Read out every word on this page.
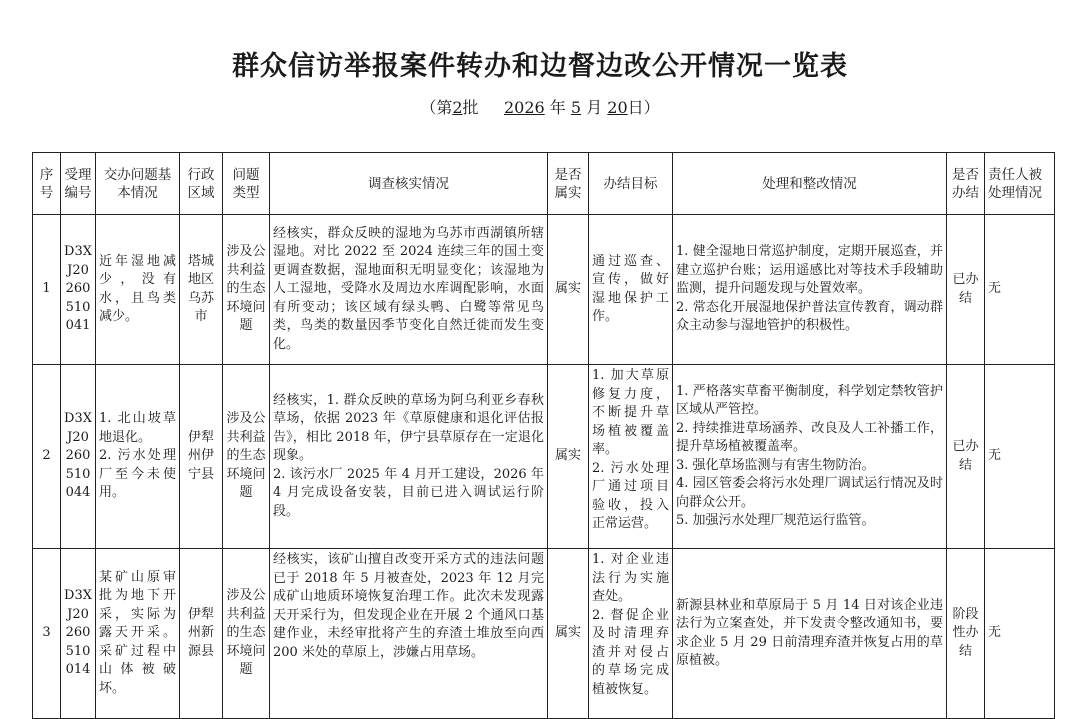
群众信访举报案件转办和边督边改公开情况一览表
（第2批 2026 年 5 月 20日）
序号	受理编号	交办问题基本情况	行政区域	问题类型	调查核实情况	是否属实	办结目标	处理和整改情况	是否办结	责任人被处理情况
1	D3XJ20260510041	近年湿地减少，没有水，且鸟类减少。	塔城地区乌苏市	涉及公共利益的生态环境问题	经核实，群众反映的湿地为乌苏市西湖镇所辖湿地。对比 2022 至 2024 连续三年的国土变更调查数据，湿地面积无明显变化；该湿地为人工湿地，受降水及周边水库调配影响，水面有所变动；该区域有绿头鸭、白鹭等常见鸟类，鸟类的数量因季节变化自然迁徙而发生变化。	属实	通过巡查、宣传，做好湿地保护工作。	1. 健全湿地日常巡护制度，定期开展巡查，并建立巡护台账；运用遥感比对等技术手段辅助监测，提升问题发现与处置效率。
2. 常态化开展湿地保护普法宣传教育，调动群众主动参与湿地管护的积极性。	已办结	无
2	D3XJ20260510044	1. 北山坡草地退化。
2. 污水处理厂至今未使用。	伊犁州伊宁县	涉及公共利益的生态环境问题	经核实，1. 群众反映的草场为阿乌利亚乡春秋草场，依据 2023 年《草原健康和退化评估报告》，相比 2018 年，伊宁县草原存在一定退化现象。
2. 该污水厂 2025 年 4 月开工建设，2026 年 4 月完成设备安装，目前已进入调试运行阶段。	属实	1. 加大草原修复力度，不断提升草场植被覆盖率。
2. 污水处理厂通过项目验收，投入正常运营。	1. 严格落实草畜平衡制度，科学划定禁牧管护区域从严管控。
2. 持续推进草场涵养、改良及人工补播工作，提升草场植被覆盖率。
3. 强化草场监测与有害生物防治。
4. 园区管委会将污水处理厂调试运行情况及时向群众公开。
5. 加强污水处理厂规范运行监管。	已办结	无
3	D3XJ20260510014	某矿山原审批为地下开采，实际为露天开采。采矿过程中山体被破坏。	伊犁州新源县	涉及公共利益的生态环境问题	经核实，该矿山擅自改变开采方式的违法问题已于 2018 年 5 月被查处，2023 年 12 月完成矿山地质环境恢复治理工作。此次未发现露天开采行为，但发现企业在开展 2 个通风口基建作业，未经审批将产生的弃渣土堆放至向西 200 米处的草原上，涉嫌占用草场。	属实	1. 对企业违法行为实施查处。
2. 督促企业及时清理弃渣并对侵占的草场完成植被恢复。	新源县林业和草原局于 5 月 14 日对该企业违法行为立案查处，并下发责令整改通知书，要求企业 5 月 29 日前清理弃渣并恢复占用的草原植被。	阶段性办结	无
